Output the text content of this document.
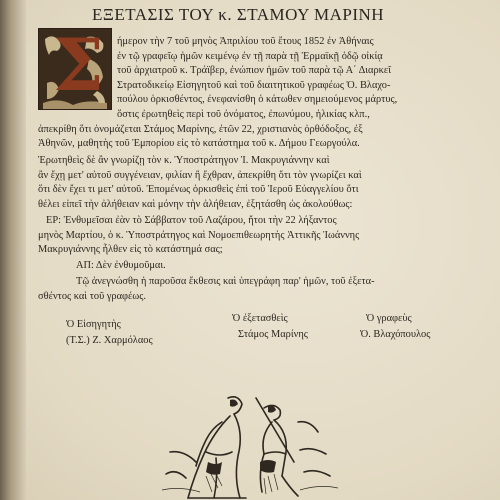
ΕΞΕΤΑΣΙΣ ΤΟΥ κ. ΣΤΑΜΟΥ ΜΑΡΙΝΗ
Σ ήμερον τὴν 7 τοῦ μηνὸς Ἀπριλίου τοῦ ἔτους 1852 ἐν Ἀθήναις
ἐν τῷ γραφεῖῳ ἡμῶν κειμένῳ ἐν τῇ παρὰ τῇ Ἐρμαϊκῇ ὁδῷ οἰκίᾳ
τοῦ ἀρχιατροῦ κ. Τράϊβερ, ἐνώπιον ἡμῶν τοῦ παρὰ τῷ Α΄ Διαρκεῖ
Στρατοδικείῳ Εἰσηγητοῦ καὶ τοῦ διαιτητικοῦ γραφέως Ὁ. Βλαχο-
πούλου ὁρκισθέντος, ἐνεφανίσθη ὁ κάτωθεν σημειούμενος μάρτυς,
ὅστις ἐρωτηθεὶς περὶ τοῦ ὀνόματος, ἐπωνύμου, ἡλικίας κλπ.,
ἀπεκρίθη ὅτι ὀνομάζεται Στάμος Μαρίνης, ἐτῶν 22, χριστιανὸς ὀρθόδοξος, ἐξ
Ἀθηνῶν, μαθητὴς τοῦ Ἐμπορίου εἰς τὸ κατάστημα τοῦ κ. Δήμου Γεωργούλα.
Ἐρωτηθεὶς δὲ ἂν γνωρίζῃ τὸν κ. Ὑποστράτηγον Ἰ. Μακρυγιάννην καὶ
ἂν ἔχῃ μετ' αὐτοῦ συγγένειαν, φιλίαν ἢ ἔχθραν, ἀπεκρίθη ὅτι τὸν γνωρίζει καὶ
ὅτι δὲν ἔχει τι μετ' αὐτοῦ. Ἐπομένως ὁρκισθεὶς ἐπὶ τοῦ Ἱεροῦ Εὐαγγελίου ὅτι
θέλει εἰπεῖ τὴν ἀλήθειαν καὶ μόνην τὴν ἀλήθειαν, ἐξητάσθη ὡς ἀκολούθως:
ΕΡ: Ἐνθυμεῖσαι ἐὰν τὸ Σάββατον τοῦ Λαζάρου, ἤτοι τὴν 22 λήξαντος
μηνὸς Μαρτίου, ὁ κ. Ὑποστράτηγος καὶ Νομοεπιθεωρητὴς Ἀττικῆς Ἰωάννης
Μακρυγιάννης ἦλθεν εἰς τὸ κατάστημά σας;
ΑΠ: Δὲν ἐνθυμοῦμαι.
Τῷ ἀνεγνώσθη ἡ παροῦσα ἔκθεσις καὶ ὑπεγράφη παρ' ἡμῶν, τοῦ ἐξετα-
σθέντος καὶ τοῦ γραφέως.
Ὁ Εἰσηγητὴς
(Τ.Σ.) Ζ. Χαρμόλαος
Ὁ ἐξετασθεὶς
Στάμος Μαρίνης
Ὁ γραφεὺς
Ὁ. Βλαχόπουλος
